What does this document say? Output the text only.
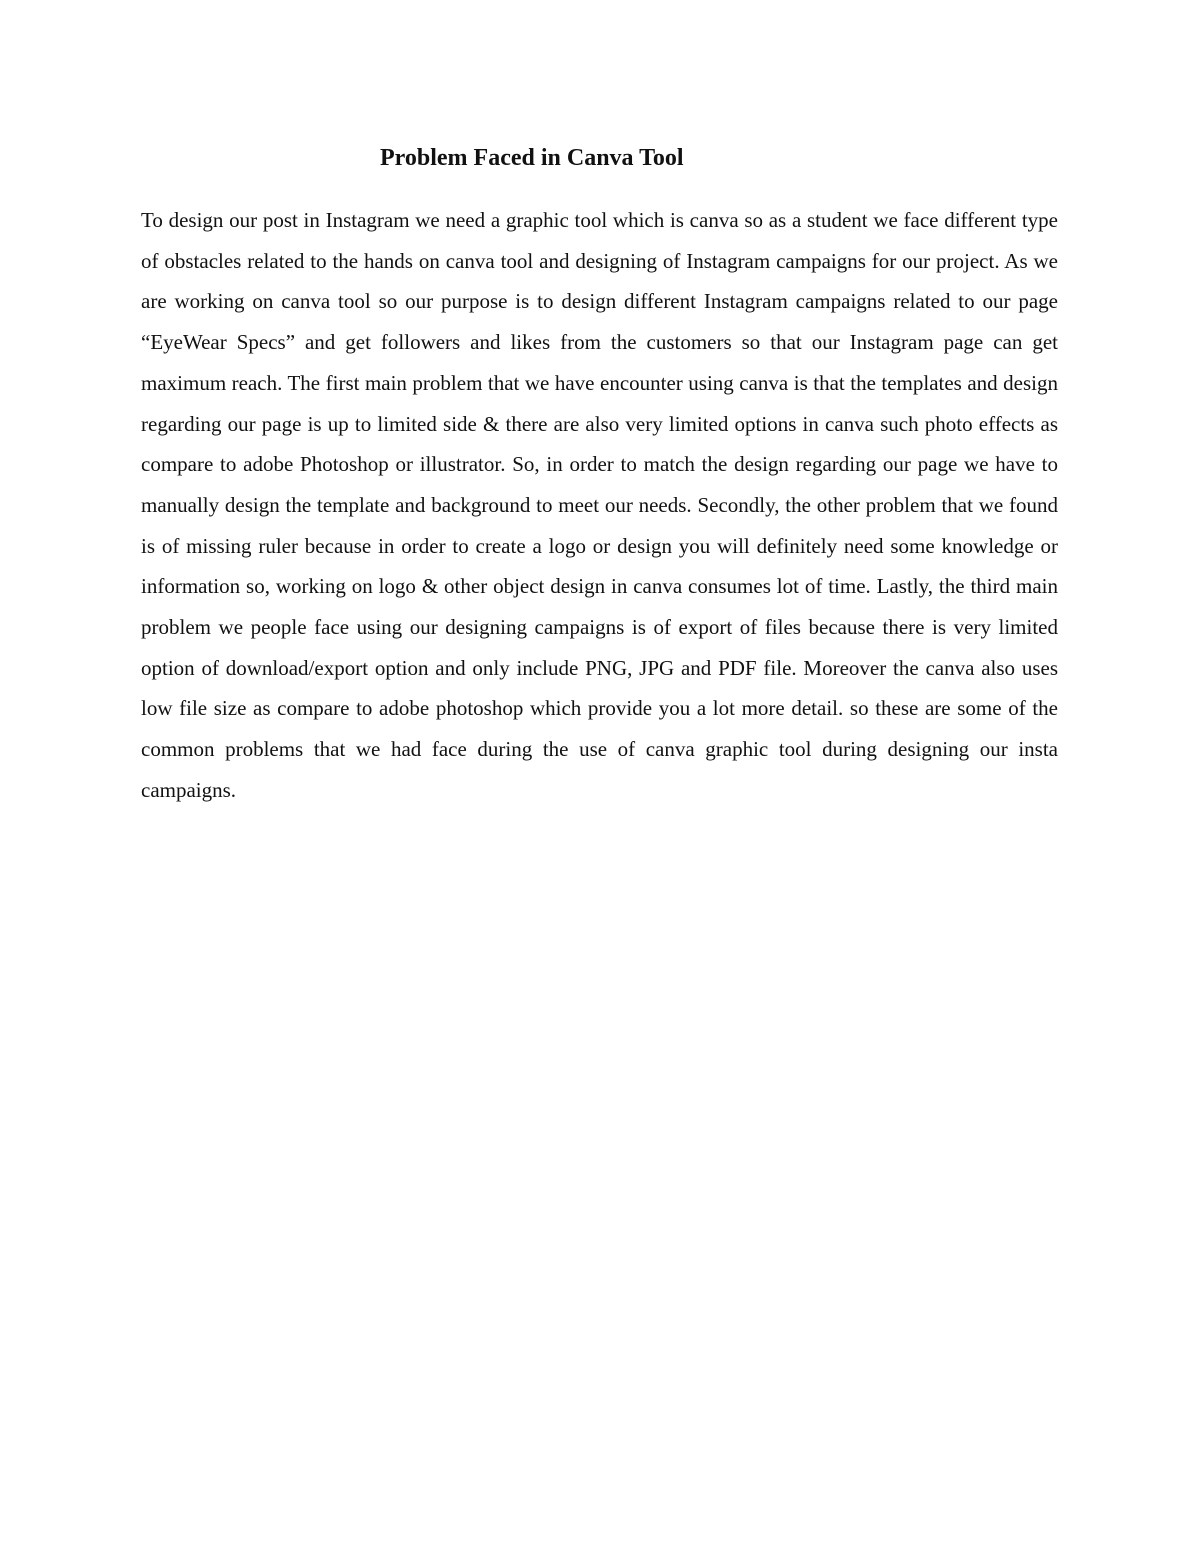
Problem Faced in Canva Tool

To design our post in Instagram we need a graphic tool which is canva so as a student we face different type of obstacles related to the hands on canva tool and designing of Instagram campaigns for our project. As we are working on canva tool so our purpose is to design different Instagram campaigns related to our page “EyeWear Specs” and get followers and likes from the customers so that our Instagram page can get maximum reach. The first main problem that we have encounter using canva is that the templates and design regarding our page is up to limited side & there are also very limited options in canva such photo effects as compare to adobe Photoshop or illustrator. So, in order to match the design regarding our page we have to manually design the template and background to meet our needs. Secondly, the other problem that we found is of missing ruler because in order to create a logo or design you will definitely need some knowledge or information so, working on logo & other object design in canva consumes lot of time. Lastly, the third main problem we people face using our designing campaigns is of export of files because there is very limited option of download/export option and only include PNG, JPG and PDF file. Moreover the canva also uses low file size as compare to adobe photoshop which provide you a lot more detail. so these are some of the common problems that we had face during the use of canva graphic tool during designing our insta campaigns.
